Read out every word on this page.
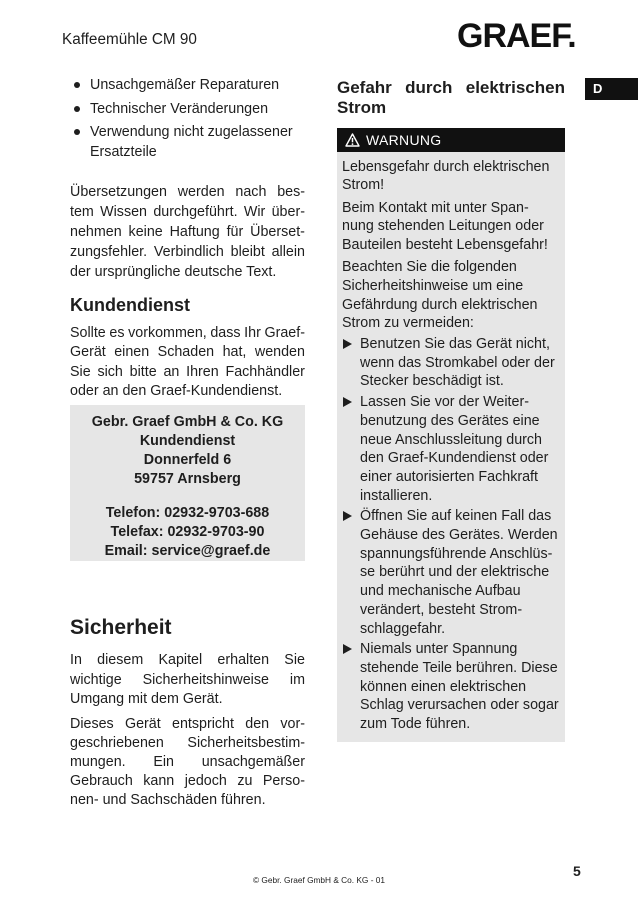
Kaffeemühle CM 90	GRAEF.
D
Unsachgemäßer Reparaturen
Technischer Veränderungen
Verwendung nicht zugelassener
Ersatzteile
Übersetzungen werden nach bes-
tem Wissen durchgeführt. Wir über-
nehmen keine Haftung für Überset-
zungsfehler. Verbindlich bleibt allein
der ursprüngliche deutsche Text.
Kundendienst
Sollte es vorkommen, dass Ihr Graef-
Gerät einen Schaden hat, wenden
Sie sich bitte an Ihren Fachhändler
oder an den Graef-Kundendienst.
Gebr. Graef GmbH & Co. KG
Kundendienst
Donnerfeld 6
59757 Arnsberg
Telefon: 02932-9703-688
Telefax: 02932-9703-90
Email: service@graef.de
Sicherheit
In diesem Kapitel erhalten Sie
wichtige Sicherheitshinweise im
Umgang mit dem Gerät.
Dieses Gerät entspricht den vor-
geschriebenen Sicherheitsbestim-
mungen. Ein unsachgemäßer
Gebrauch kann jedoch zu Perso-
nen- und Sachschäden führen.
Gefahr durch elektrischen
Strom
WARNUNG
Lebensgefahr durch elektrischen
Strom!
Beim Kontakt mit unter Span-
nung stehenden Leitungen oder
Bauteilen besteht Lebensgefahr!
Beachten Sie die folgenden
Sicherheitshinweise um eine
Gefährdung durch elektrischen
Strom zu vermeiden:
Benutzen Sie das Gerät nicht,
wenn das Stromkabel oder der
Stecker beschädigt ist.
Lassen Sie vor der Weiter-
benutzung des Gerätes eine
neue Anschlussleitung durch
den Graef-Kundendienst oder
einer autorisierten Fachkraft
installieren.
Öffnen Sie auf keinen Fall das
Gehäuse des Gerätes. Werden
spannungsführende Anschlüs-
se berührt und der elektrische
und mechanische Aufbau
verändert, besteht Strom-
schlaggefahr.
Niemals unter Spannung
stehende Teile berühren. Diese
können einen elektrischen
Schlag verursachen oder sogar
zum Tode führen.
© Gebr. Graef GmbH & Co. KG - 01
5
